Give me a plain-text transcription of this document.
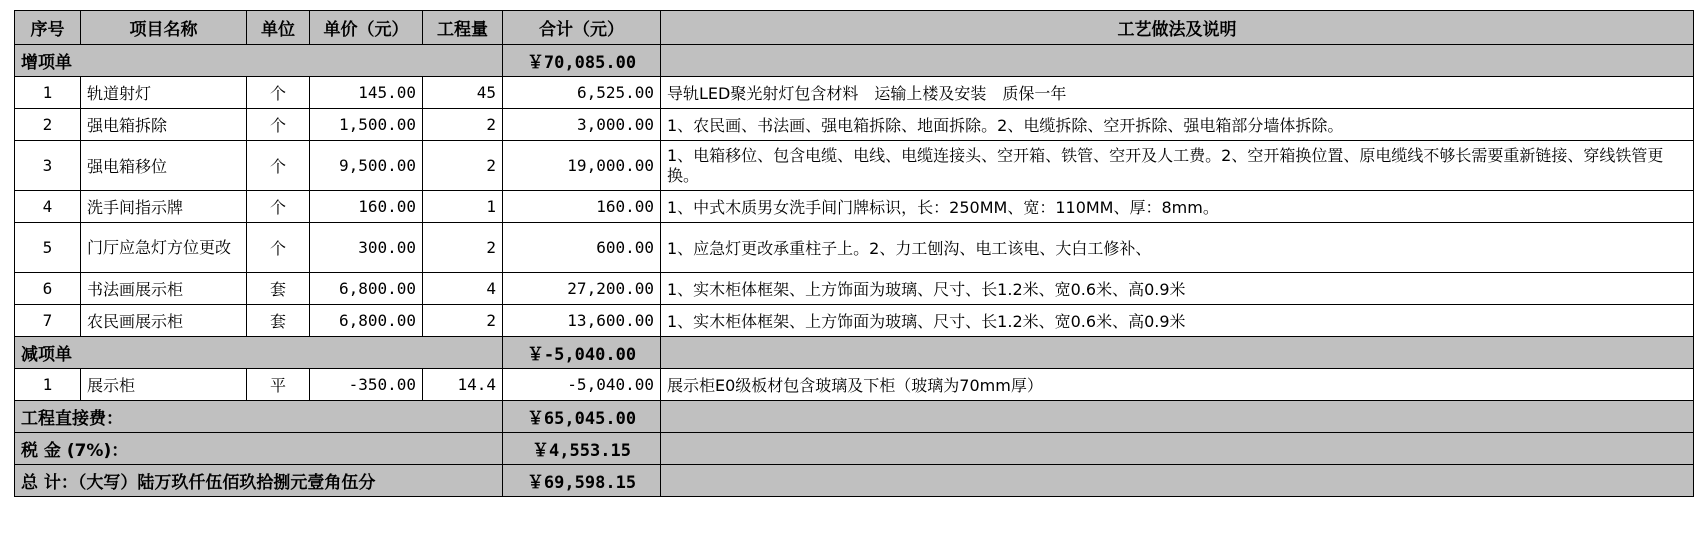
序号	项目名称	单位	单价（元）	工程量	合计（元）	工艺做法及说明
增项单					￥70,085.00	
1	轨道射灯	个	145.00	45	6,525.00	导轨LED聚光射灯包含材料　运输上楼及安装　质保一年
2	强电箱拆除	个	1,500.00	2	3,000.00	1、农民画、书法画、强电箱拆除、地面拆除。2、电缆拆除、空开拆除、强电箱部分墙体拆除。
3	强电箱移位	个	9,500.00	2	19,000.00	1、电箱移位、包含电缆、电线、电缆连接头、空开箱、铁管、空开及人工费。2、空开箱换位置、原电缆线不够长需要重新链接、穿线铁管更换。
4	洗手间指示牌	个	160.00	1	160.00	1、中式木质男女洗手间门牌标识，长：250MM、宽：110MM、厚：8mm。
5	门厅应急灯方位更改	个	300.00	2	600.00	1、应急灯更改承重柱子上。2、力工刨沟、电工该电、大白工修补、
6	书法画展示柜	套	6,800.00	4	27,200.00	1、实木柜体框架、上方饰面为玻璃、尺寸、长1.2米、宽0.6米、高0.9米
7	农民画展示柜	套	6,800.00	2	13,600.00	1、实木柜体框架、上方饰面为玻璃、尺寸、长1.2米、宽0.6米、高0.9米
减项单					￥-5,040.00	
1	展示柜	平	-350.00	14.4	-5,040.00	展示柜E0级板材包含玻璃及下柜（玻璃为70mm厚）
工程直接费：					￥65,045.00	
税 金 (7%)：					￥4,553.15	
总 计：（大写）陆万玖仟伍佰玖拾捌元壹角伍分					￥69,598.15	
